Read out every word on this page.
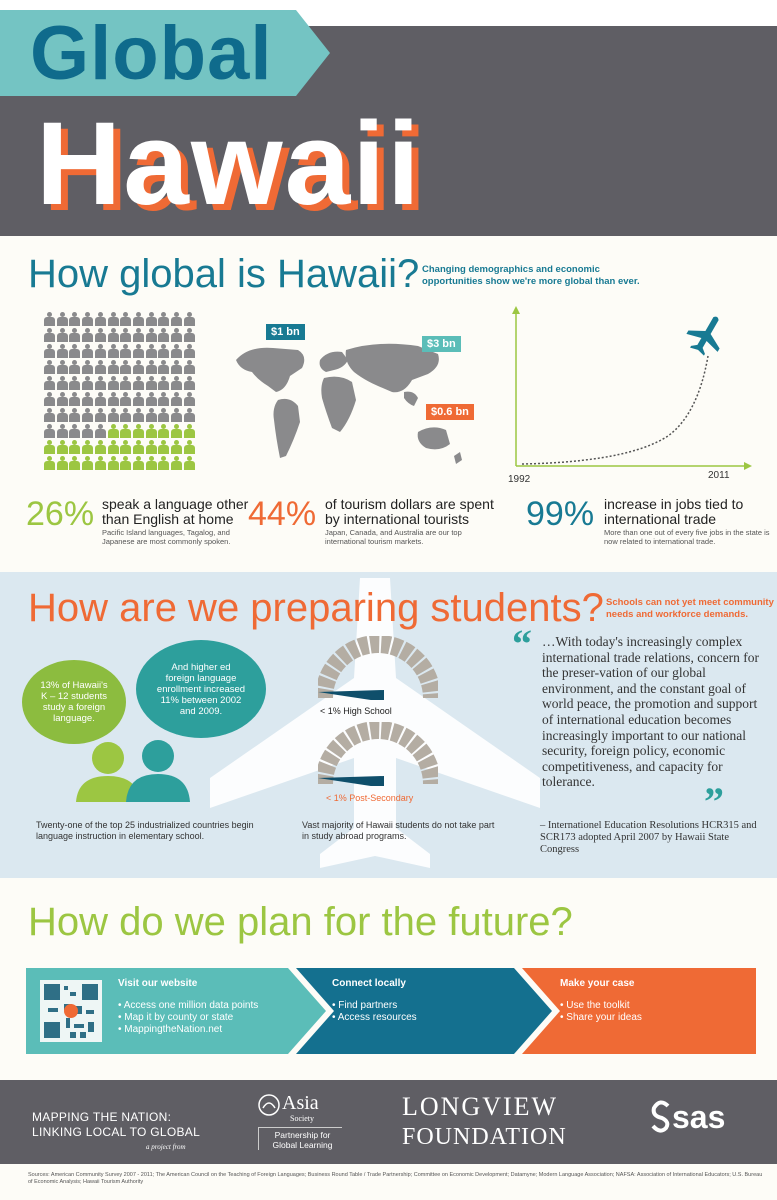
Global
Hawaii
How global is Hawaii? Changing demographics and economic opportunities show we're more global than ever.
$1 bn
$3 bn
$0.6 bn
1992	2011
26% speak a language other than English at home
Pacific Island languages, Tagalog, and Japanese are most commonly spoken.
44% of tourism dollars are spent by international tourists
Japan, Canada, and Australia are our top international tourism markets.
99% increase in jobs tied to international trade
More than one out of every five jobs in the state is now related to international trade.
How are we preparing students? Schools can not yet meet community needs and workforce demands.
13% of Hawaii's K – 12 students study a foreign language.
And higher ed foreign language enrollment increased 11% between 2002 and 2009.
Twenty-one of the top 25 industrialized countries begin language instruction in elementary school.
< 1% High School
< 1% Post-Secondary
Vast majority of Hawaii students do not take part in study abroad programs.
“ …With today's increasingly complex international trade relations, concern for the preser-vation of our global environment, and the constant goal of world peace, the promotion and support of international education becomes increasingly important to our national security, foreign policy, economic competitiveness, and capacity for tolerance.	”
– Internationel Education Resolutions HCR315 and SCR173 adopted April 2007 by Hawaii State Congress
How do we plan for the future?
Visit our website
• Access one million data points
• Map it by county or state
• MappingtheNation.net
Connect locally
• Find partners
• Access resources
Make your case
• Use the toolkit
• Share your ideas
MAPPING THE NATION:
LINKING LOCAL TO GLOBAL
a project from
Asia
Society
Partnership for Global Learning
LONGVIEW
FOUNDATION
sas
Sources: American Community Survey 2007 - 2011; The American Council on the Teaching of Foreign Languages; Business Round Table / Trade Partnership; Committee on Economic Development; Datamyne; Modern Language Association; NAFSA: Association of International Educators; U.S. Bureau of Economic Analysis; Hawaii Tourism Authority
